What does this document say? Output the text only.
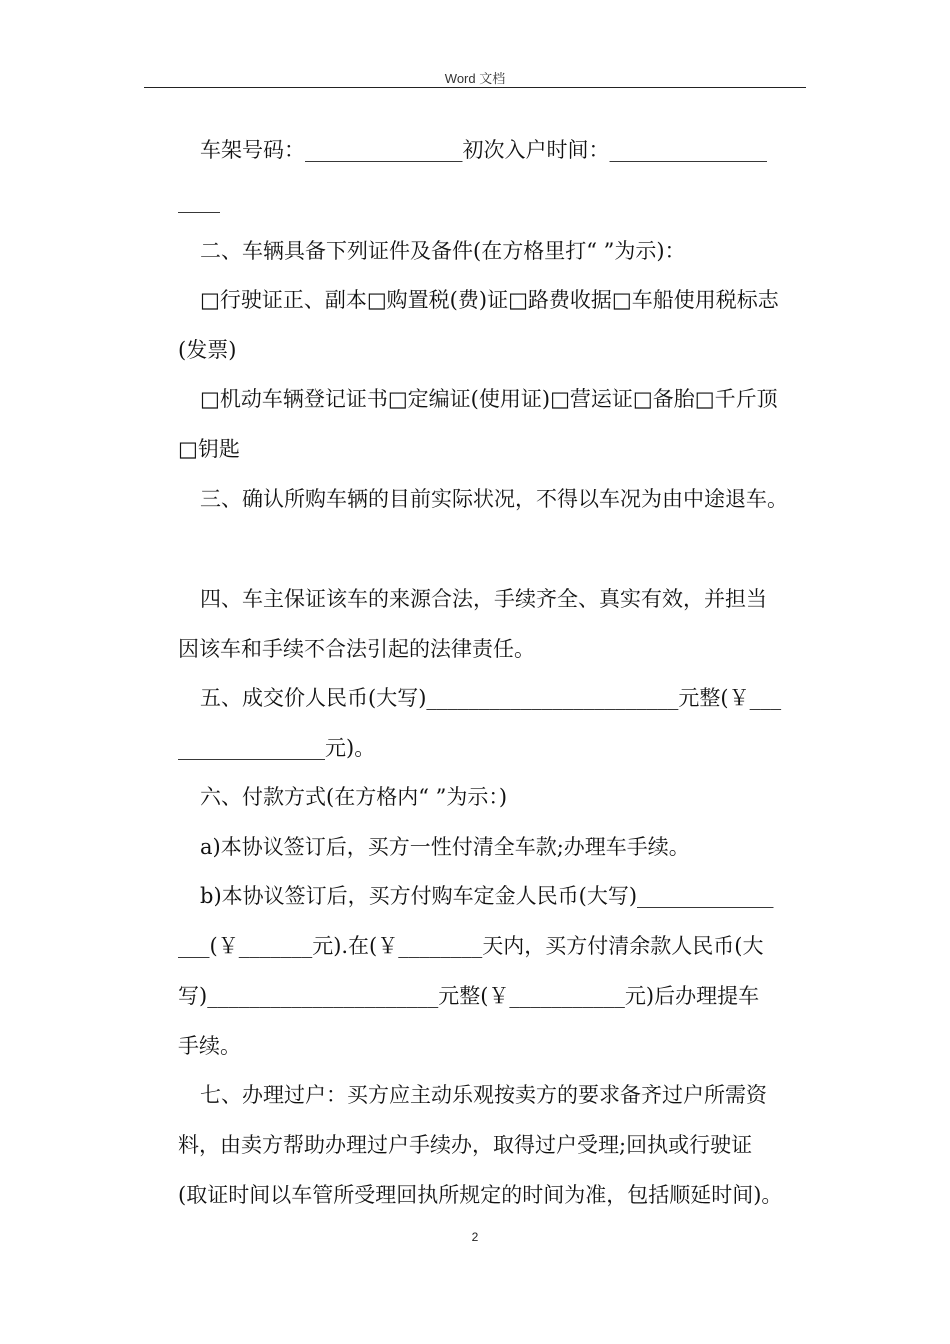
Word 文档
车架号码：_______________初次入户时间：_______________
____
二、车辆具备下列证件及备件(在方格里打“ ”为示)：
□行驶证正、副本□购置税(费)证□路费收据□车船使用税标志
(发票)
□机动车辆登记证书□定编证(使用证)□营运证□备胎□千斤顶
□钥匙
三、确认所购车辆的目前实际状况，不得以车况为由中途退车。
四、车主保证该车的来源合法，手续齐全、真实有效，并担当
因该车和手续不合法引起的法律责任。
五、成交价人民币(大写)________________________元整(￥___
______________元)。
六、付款方式(在方格内“ ”为示：)
a)本协议签订后，买方一性付清全车款;办理车手续。
b)本协议签订后，买方付购车定金人民币(大写)_____________
___(￥_______元).在(￥________天内，买方付清余款人民币(大
写)______________________元整(￥___________元)后办理提车
手续。
七、办理过户：买方应主动乐观按卖方的要求备齐过户所需资
料，由卖方帮助办理过户手续办，取得过户受理;回执或行驶证
(取证时间以车管所受理回执所规定的时间为准，包括顺延时间)。
2
